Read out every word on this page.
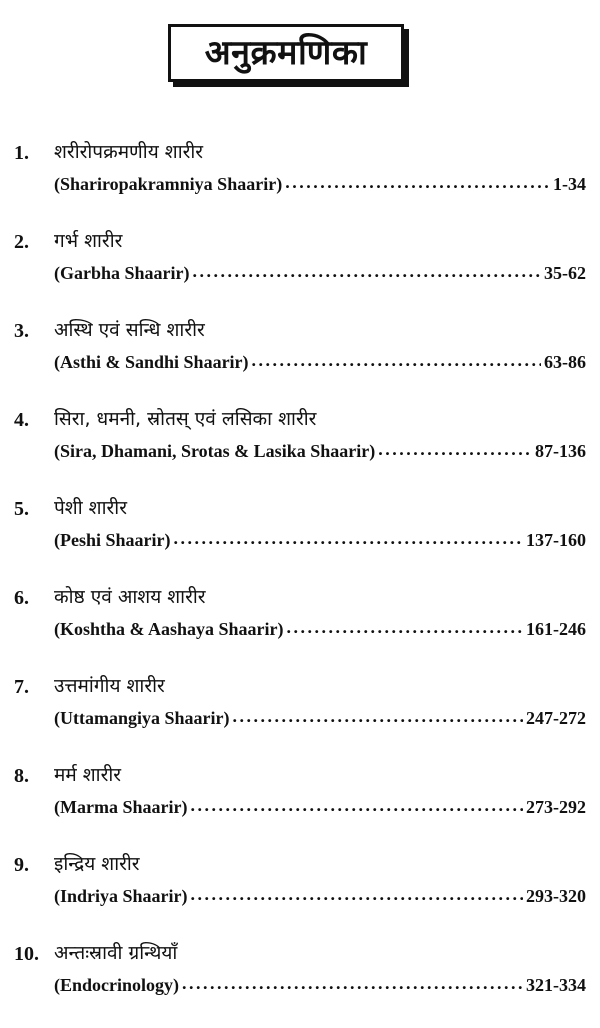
अनुक्रमणिका
1. शरीरोपक्रमणीय शारीर
(Shariropakramniya Shaarir) . . .	1-34
2. गर्भ शारीर
(Garbha Shaarir) . . .	35-62
3. अस्थि एवं सन्धि शारीर
(Asthi & Sandhi Shaarir) . . .	63-86
4. सिरा, धमनी, स्रोतस् एवं लसिका शारीर
(Sira, Dhamani, Srotas & Lasika Shaarir) . . .	87-136
5. पेशी शारीर
(Peshi Shaarir) . . .	137-160
6. कोष्ठ एवं आशय शारीर
(Koshtha & Aashaya Shaarir) . . .	161-246
7. उत्तमांगीय शारीर
(Uttamangiya Shaarir) . . .	247-272
8. मर्म शारीर
(Marma Shaarir) . . .	273-292
9. इन्द्रिय शारीर
(Indriya Shaarir) . . .	293-320
10. अन्तःस्रावी ग्रन्थियाँ
(Endocrinology) . . .	321-334
